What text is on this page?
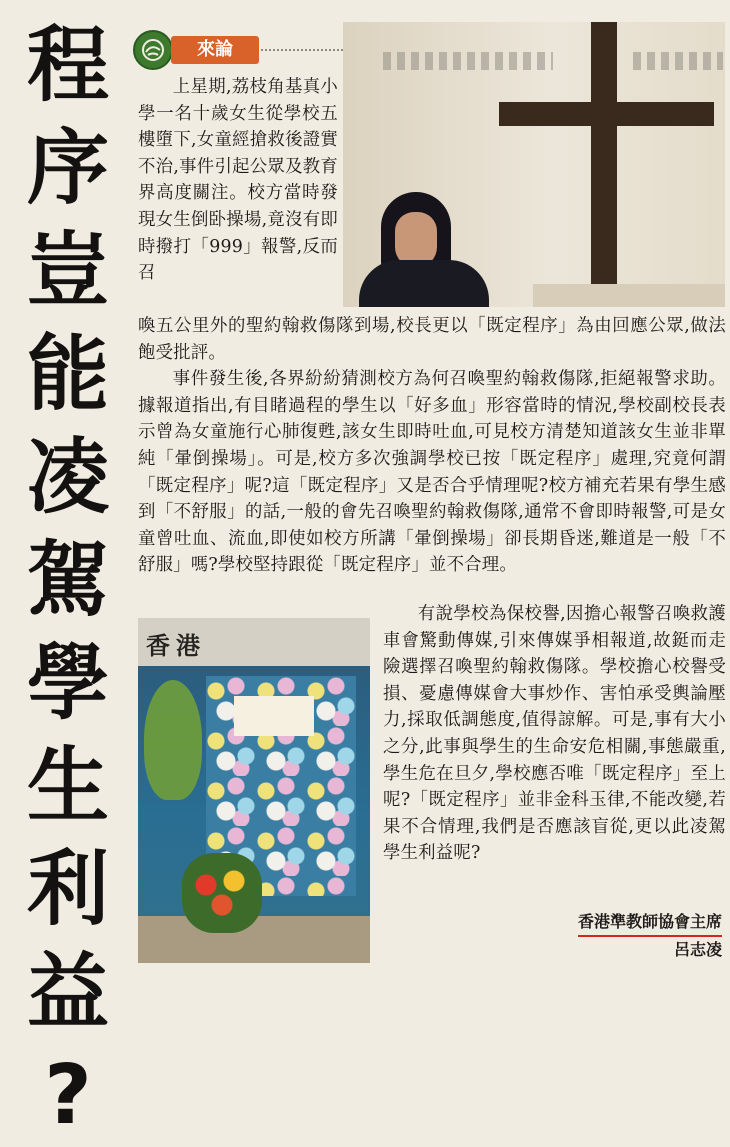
程
序
豈
能
凌
駕
學
生
利
益
?
來論

上星期,荔枝角基真小學一名十歲女生從學校五樓墮下,女童經搶救後證實不治,事件引起公眾及教育界高度關注。校方當時發現女生倒卧操場,竟沒有即時撥打「999」報警,反而召

喚五公里外的聖約翰救傷隊到場,校長更以「既定程序」為由回應公眾,做法飽受批評。

事件發生後,各界紛紛猜測校方為何召喚聖約翰救傷隊,拒絕報警求助。據報道指出,有目睹過程的學生以「好多血」形容當時的情況,學校副校長表示曾為女童施行心肺復甦,該女生即時吐血,可見校方清楚知道該女生並非單純「暈倒操場」。可是,校方多次強調學校已按「既定程序」處理,究竟何謂「既定程序」呢?這「既定程序」又是否合乎情理呢?校方補充若果有學生感到「不舒服」的話,一般的會先召喚聖約翰救傷隊,通常不會即時報警,可是女童曾吐血、流血,即使如校方所講「暈倒操場」卻長期昏迷,難道是一般「不舒服」嗎?學校堅持跟從「既定程序」並不合理。

有說學校為保校譽,因擔心報警召喚救護車會驚動傳媒,引來傳媒爭相報道,故鋌而走險選擇召喚聖約翰救傷隊。學校擔心校譽受損、憂慮傳媒會大事炒作、害怕承受輿論壓力,採取低調態度,值得諒解。可是,事有大小之分,此事與學生的生命安危相關,事態嚴重,學生危在旦夕,學校應否唯「既定程序」至上呢?「既定程序」並非金科玉律,不能改變,若果不合情理,我們是否應該盲從,更以此凌駕學生利益呢?

香港
香港準教師協會主席
呂志凌
